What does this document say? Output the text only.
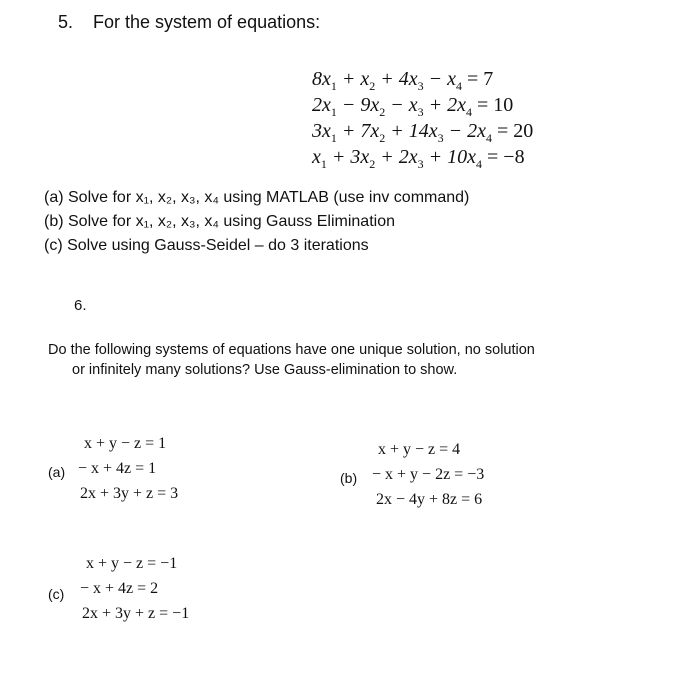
5. For the system of equations:
$8x_1 + x_2 + 4x_3 - x_4 = 7$
$2x_1 - 9x_2 - x_3 + 2x_4 = 10$
$3x_1 + 7x_2 + 14x_3 - 2x_4 = 20$
$x_1 + 3x_2 + 2x_3 + 10x_4 = -8$
(a) Solve for x₁, x₂, x₃, x₄ using MATLAB (use inv command)
(b) Solve for x₁, x₂, x₃, x₄ using Gauss Elimination
(c) Solve using Gauss-Seidel – do 3 iterations
6.
Do the following systems of equations have one unique solution, no solution
or infinitely many solutions? Use Gauss-elimination to show.
(a)
x + y − z = 1
− x + 4z = 1
2x + 3y + z = 3
(b)
x + y − z = 4
− x + y − 2z = −3
2x − 4y + 8z = 6
(c)
x + y − z = −1
− x + 4z = 2
2x + 3y + z = −1
